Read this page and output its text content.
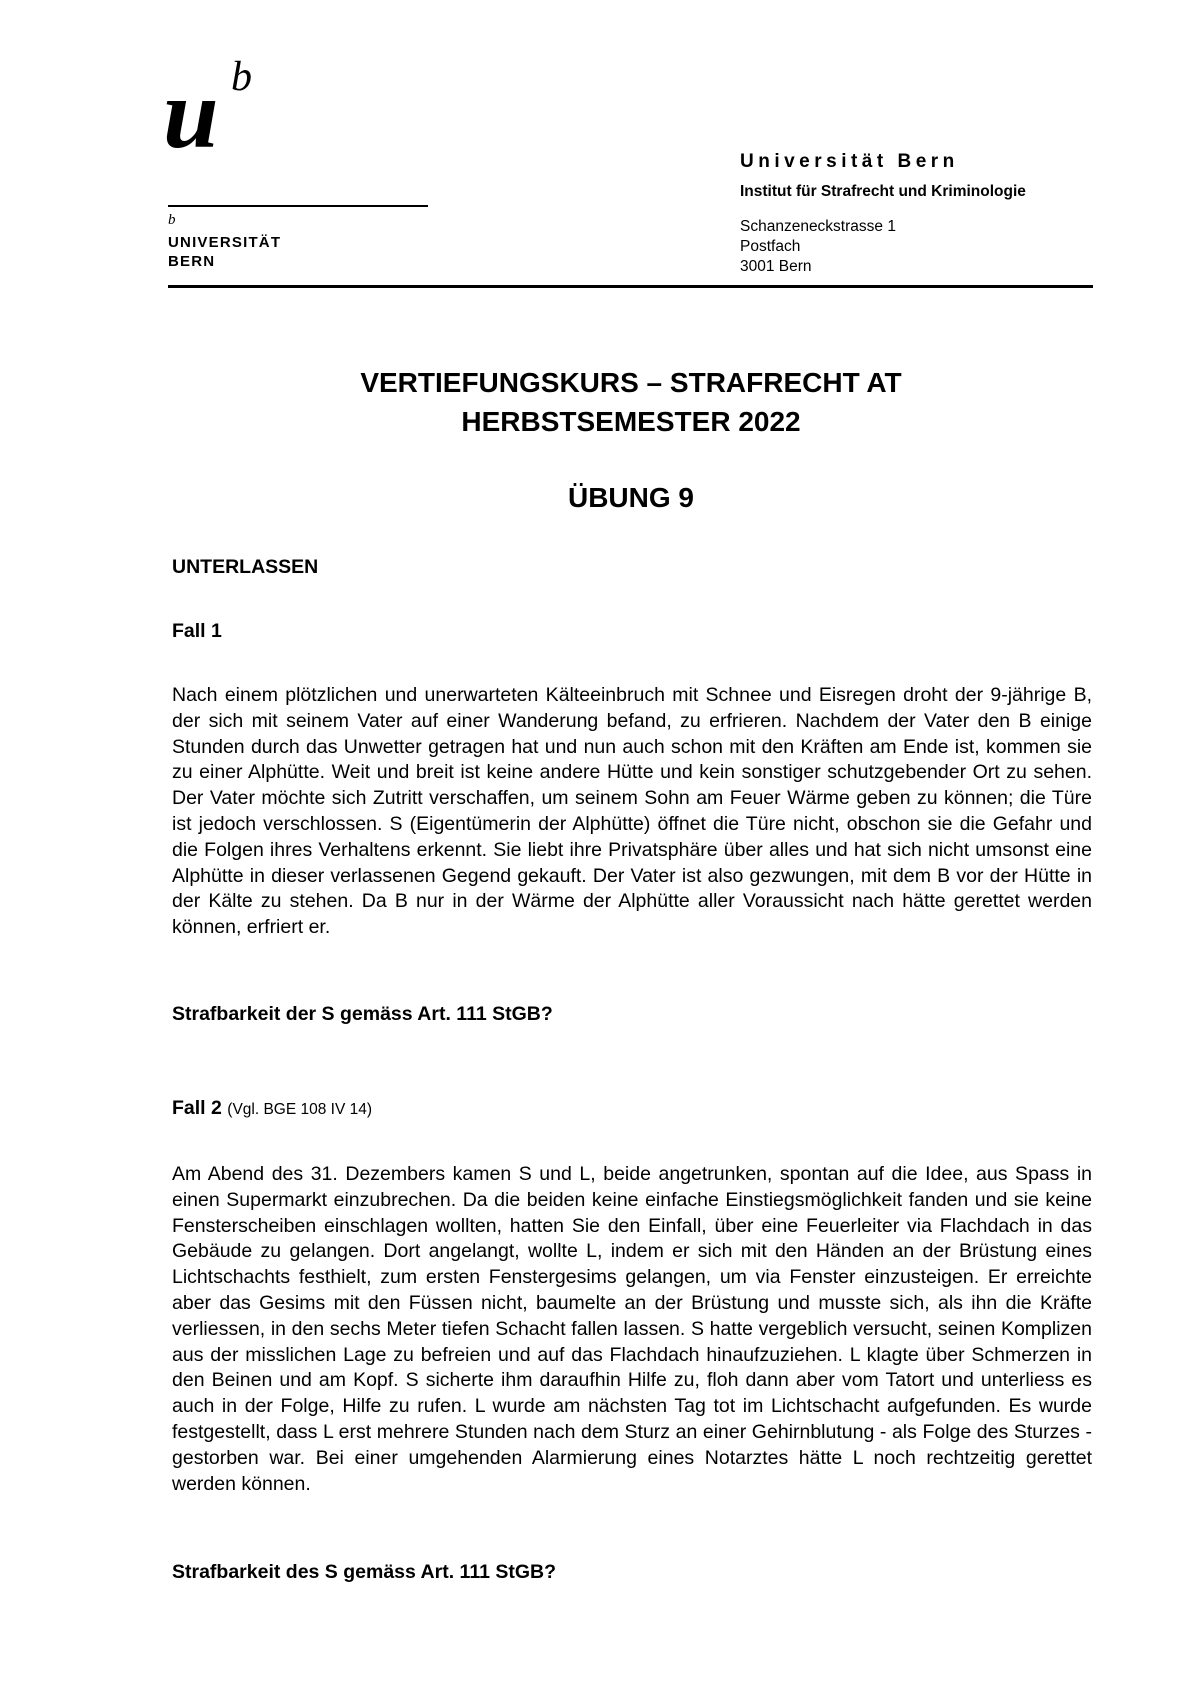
u b
b
UNIVERSITÄT
BERN
Universität Bern
Institut für Strafrecht und Kriminologie
Schanzeneckstrasse 1
Postfach
3001 Bern
VERTIEFUNGSKURS – STRAFRECHT AT
HERBSTSEMESTER 2022
ÜBUNG 9

UNTERLASSEN

Fall 1

Nach einem plötzlichen und unerwarteten Kälteeinbruch mit Schnee und Eisregen droht der 9-jährige B, der sich mit seinem Vater auf einer Wanderung befand, zu erfrieren. Nachdem der Vater den B einige Stunden durch das Unwetter getragen hat und nun auch schon mit den Kräften am Ende ist, kommen sie zu einer Alphütte. Weit und breit ist keine andere Hütte und kein sonstiger schutzgebender Ort zu sehen. Der Vater möchte sich Zutritt verschaffen, um seinem Sohn am Feuer Wärme geben zu können; die Türe ist jedoch verschlossen. S (Eigentümerin der Alphütte) öffnet die Türe nicht, obschon sie die Gefahr und die Folgen ihres Verhaltens erkennt. Sie liebt ihre Privatsphäre über alles und hat sich nicht umsonst eine Alphütte in dieser verlassenen Gegend gekauft. Der Vater ist also gezwungen, mit dem B vor der Hütte in der Kälte zu stehen. Da B nur in der Wärme der Alphütte aller Voraussicht nach hätte gerettet werden können, erfriert er.

Strafbarkeit der S gemäss Art. 111 StGB?

Fall 2 (Vgl. BGE 108 IV 14)

Am Abend des 31. Dezembers kamen S und L, beide angetrunken, spontan auf die Idee, aus Spass in einen Supermarkt einzubrechen. Da die beiden keine einfache Einstiegsmöglichkeit fanden und sie keine Fensterscheiben einschlagen wollten, hatten Sie den Einfall, über eine Feuerleiter via Flachdach in das Gebäude zu gelangen. Dort angelangt, wollte L, indem er sich mit den Händen an der Brüstung eines Lichtschachts festhielt, zum ersten Fenstergesims gelangen, um via Fenster einzusteigen. Er erreichte aber das Gesims mit den Füssen nicht, baumelte an der Brüstung und musste sich, als ihn die Kräfte verliessen, in den sechs Meter tiefen Schacht fallen lassen. S hatte vergeblich versucht, seinen Komplizen aus der misslichen Lage zu befreien und auf das Flachdach hinaufzuziehen. L klagte über Schmerzen in den Beinen und am Kopf. S sicherte ihm daraufhin Hilfe zu, floh dann aber vom Tatort und unterliess es auch in der Folge, Hilfe zu rufen. L wurde am nächsten Tag tot im Lichtschacht aufgefunden. Es wurde festgestellt, dass L erst mehrere Stunden nach dem Sturz an einer Gehirnblutung - als Folge des Sturzes - gestorben war. Bei einer umgehenden Alarmierung eines Notarztes hätte L noch rechtzeitig gerettet werden können.

Strafbarkeit des S gemäss Art. 111 StGB?
